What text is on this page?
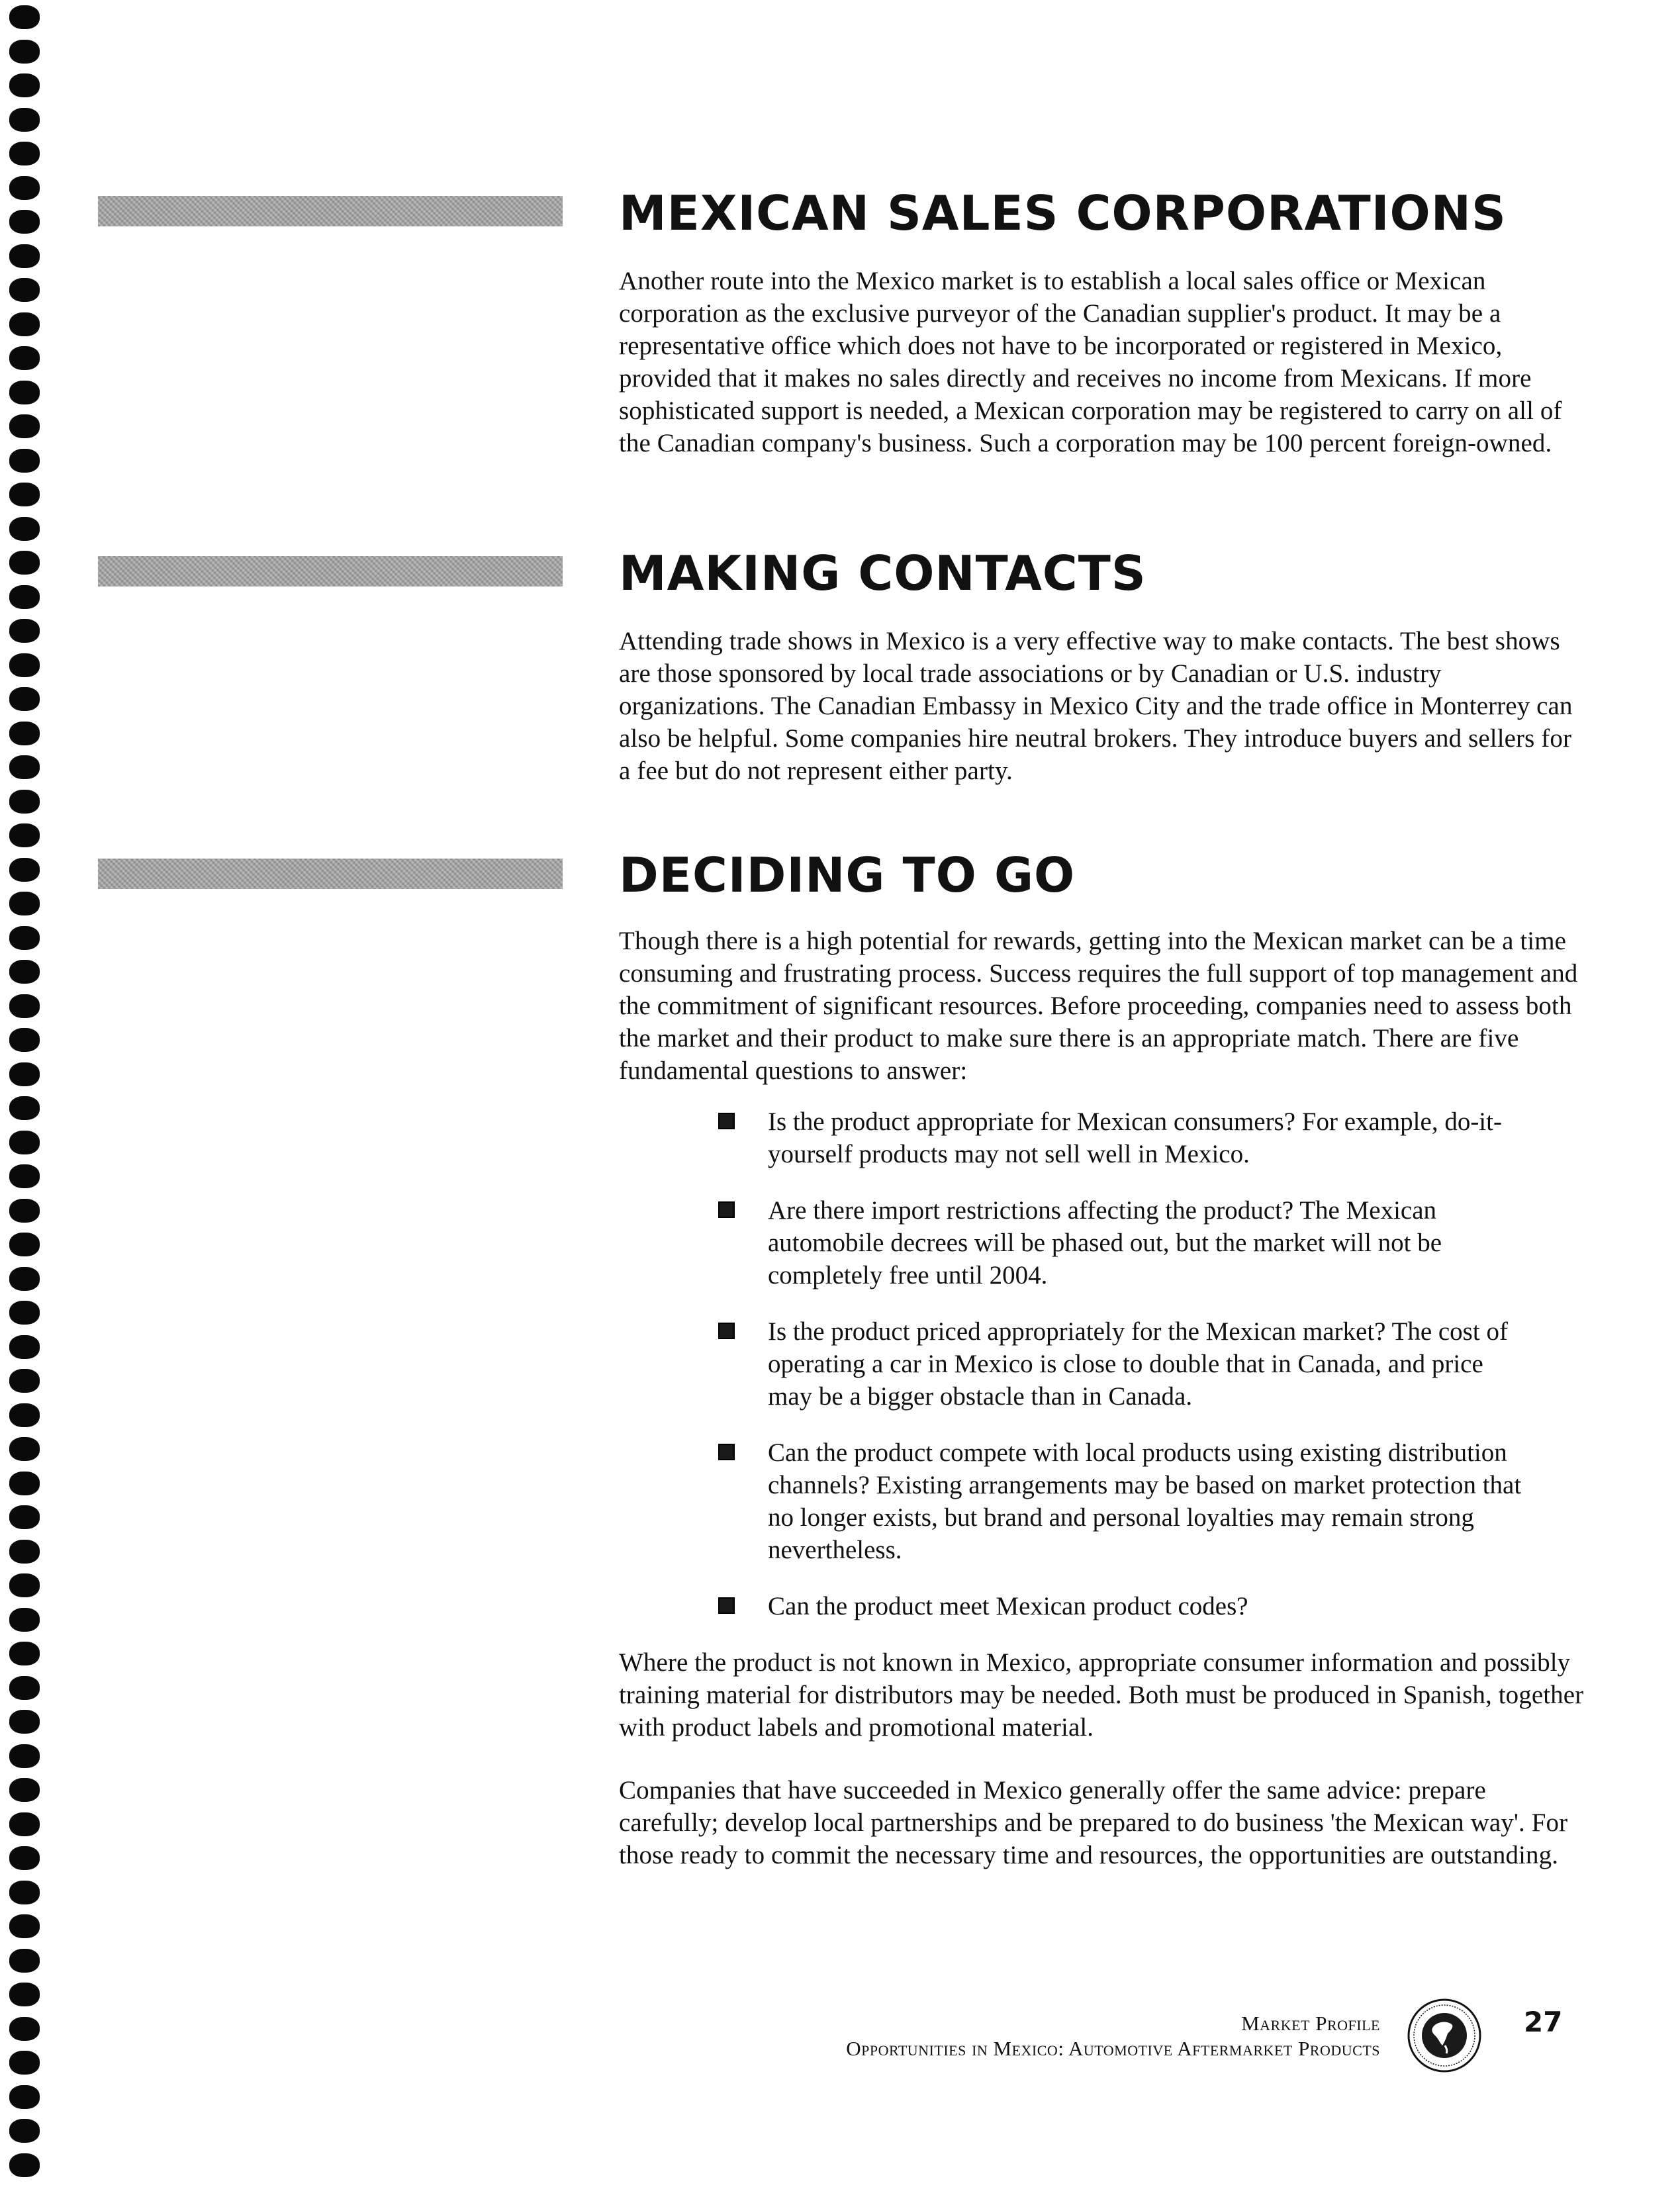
MEXICAN SALES CORPORATIONS

Another route into the Mexico market is to establish a local sales office or Mexican corporation as the exclusive purveyor of the Canadian supplier's product. It may be a representative office which does not have to be incorporated or registered in Mexico, provided that it makes no sales directly and receives no income from Mexicans. If more sophisticated support is needed, a Mexican corporation may be registered to carry on all of the Canadian company's business. Such a corporation may be 100 percent foreign-owned.

MAKING CONTACTS

Attending trade shows in Mexico is a very effective way to make contacts. The best shows are those sponsored by local trade associations or by Canadian or U.S. industry organizations. The Canadian Embassy in Mexico City and the trade office in Monterrey can also be helpful. Some companies hire neutral brokers. They introduce buyers and sellers for a fee but do not represent either party.

DECIDING TO GO

Though there is a high potential for rewards, getting into the Mexican market can be a time consuming and frustrating process. Success requires the full support of top management and the commitment of significant resources. Before proceeding, companies need to assess both the market and their product to make sure there is an appropriate match. There are five fundamental questions to answer:

Is the product appropriate for Mexican consumers? For example, do-it-yourself products may not sell well in Mexico.
Are there import restrictions affecting the product? The Mexican automobile decrees will be phased out, but the market will not be completely free until 2004.
Is the product priced appropriately for the Mexican market? The cost of operating a car in Mexico is close to double that in Canada, and price may be a bigger obstacle than in Canada.
Can the product compete with local products using existing distribution channels? Existing arrangements may be based on market protection that no longer exists, but brand and personal loyalties may remain strong nevertheless.
Can the product meet Mexican product codes?

Where the product is not known in Mexico, appropriate consumer information and possibly training material for distributors may be needed. Both must be produced in Spanish, together with product labels and promotional material.

Companies that have succeeded in Mexico generally offer the same advice: prepare carefully; develop local partnerships and be prepared to do business 'the Mexican way'. For those ready to commit the necessary time and resources, the opportunities are outstanding.

Market Profile
Opportunities in Mexico: Automotive Aftermarket Products
27
